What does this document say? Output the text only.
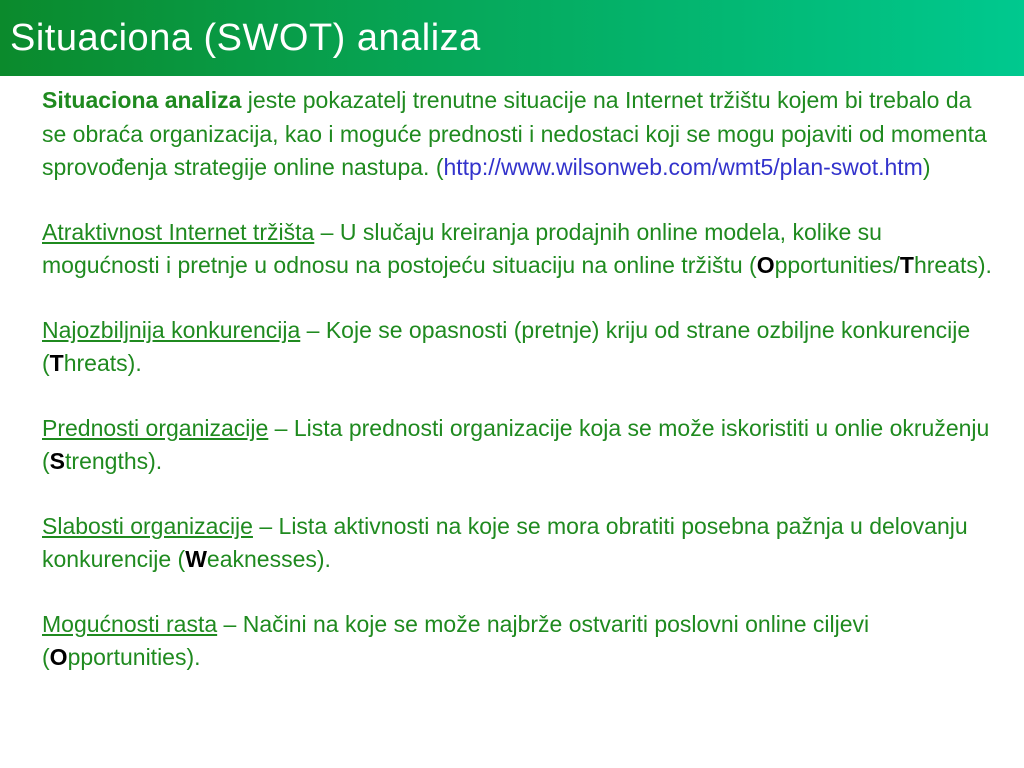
Situaciona (SWOT) analiza

Situaciona analiza jeste pokazatelj trenutne situacije na Internet tržištu kojem bi trebalo da se obraća organizacija, kao i moguće prednosti i nedostaci koji se mogu pojaviti od momenta sprovođenja strategije online nastupa. (http://www.wilsonweb.com/wmt5/plan-swot.htm)

Atraktivnost Internet tržišta – U slučaju kreiranja prodajnih online modela, kolike su mogućnosti i pretnje u odnosu na postojeću situaciju na online tržištu (Opportunities/Threats).

Najozbiljnija konkurencija – Koje se opasnosti (pretnje) kriju od strane ozbiljne konkurencije (Threats).

Prednosti organizacije – Lista prednosti organizacije koja se može iskoristiti u onlie okruženju (Strengths).

Slabosti organizacije – Lista aktivnosti na koje se mora obratiti posebna pažnja u delovanju konkurencije (Weaknesses).

Mogućnosti rasta – Načini na koje se može najbrže ostvariti poslovni online ciljevi (Opportunities).
